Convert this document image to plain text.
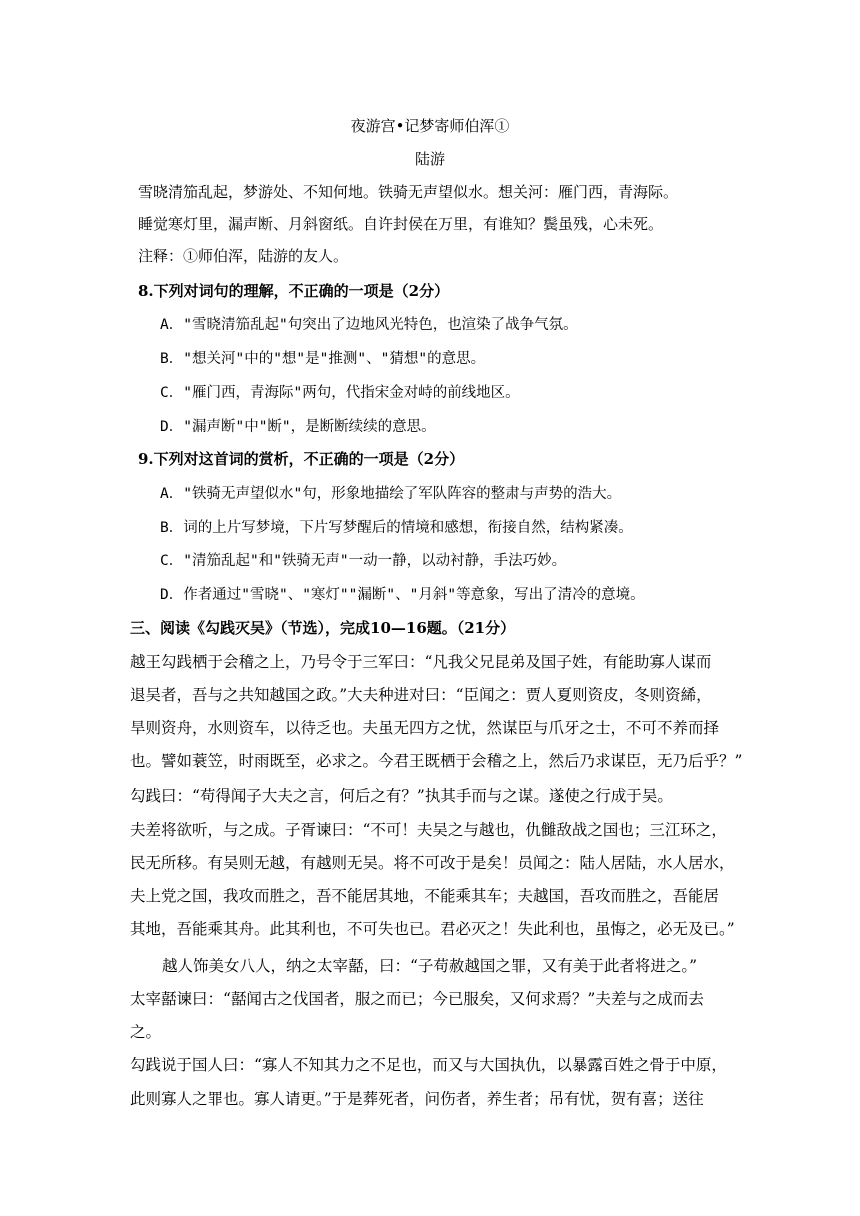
夜游宫•记梦寄师伯浑①
陆游
雪晓清笳乱起，梦游处、不知何地。铁骑无声望似水。想关河：雁门西，青海际。
睡觉寒灯里，漏声断、月斜窗纸。自许封侯在万里，有谁知？鬓虽残，心未死。
注释：①师伯浑，陆游的友人。
8.下列对词句的理解，不正确的一项是（2分）
A．"雪晓清笳乱起"句突出了边地风光特色，也渲染了战争气氛。
B．"想关河"中的"想"是"推测"、"猜想"的意思。
C．"雁门西，青海际"两句，代指宋金对峙的前线地区。
D．"漏声断"中"断"，是断断续续的意思。
9.下列对这首词的赏析，不正确的一项是（2分）
A．"铁骑无声望似水"句，形象地描绘了军队阵容的整肃与声势的浩大。
B．词的上片写梦境，下片写梦醒后的情境和感想，衔接自然，结构紧凑。
C．"清笳乱起"和"铁骑无声"一动一静，以动衬静，手法巧妙。
D．作者通过"雪晓"、"寒灯""漏断"、"月斜"等意象，写出了清冷的意境。
三、阅读《勾践灭吴》（节选），完成10—16题。（21分）
越王勾践栖于会稽之上，乃号令于三军曰：“凡我父兄昆弟及国子姓，有能助寡人谋而
退吴者，吾与之共知越国之政。”大夫种进对曰：“臣闻之：贾人夏则资皮，冬则资絺，
旱则资舟，水则资车，以待乏也。夫虽无四方之忧，然谋臣与爪牙之士，不可不养而择
也。譬如蓑笠，时雨既至，必求之。今君王既栖于会稽之上，然后乃求谋臣，无乃后乎？”
勾践曰：“苟得闻子大夫之言，何后之有？”执其手而与之谋。遂使之行成于吴。
夫差将欲听，与之成。子胥谏曰：“不可！夫吴之与越也，仇雠敌战之国也；三江环之，
民无所移。有吴则无越，有越则无吴。将不可改于是矣！员闻之：陆人居陆，水人居水，
夫上党之国，我攻而胜之，吾不能居其地，不能乘其车；夫越国，吾攻而胜之，吾能居
其地，吾能乘其舟。此其利也，不可失也已。君必灭之！失此利也，虽悔之，必无及已。”
越人饰美女八人，纳之太宰嚭，曰：“子苟赦越国之罪，又有美于此者将进之。”
太宰嚭谏曰：“嚭闻古之伐国者，服之而已；今已服矣，又何求焉？”夫差与之成而去
之。
勾践说于国人曰：“寡人不知其力之不足也，而又与大国执仇，以暴露百姓之骨于中原，
此则寡人之罪也。寡人请更。”于是葬死者，问伤者，养生者；吊有忧，贺有喜；送往
